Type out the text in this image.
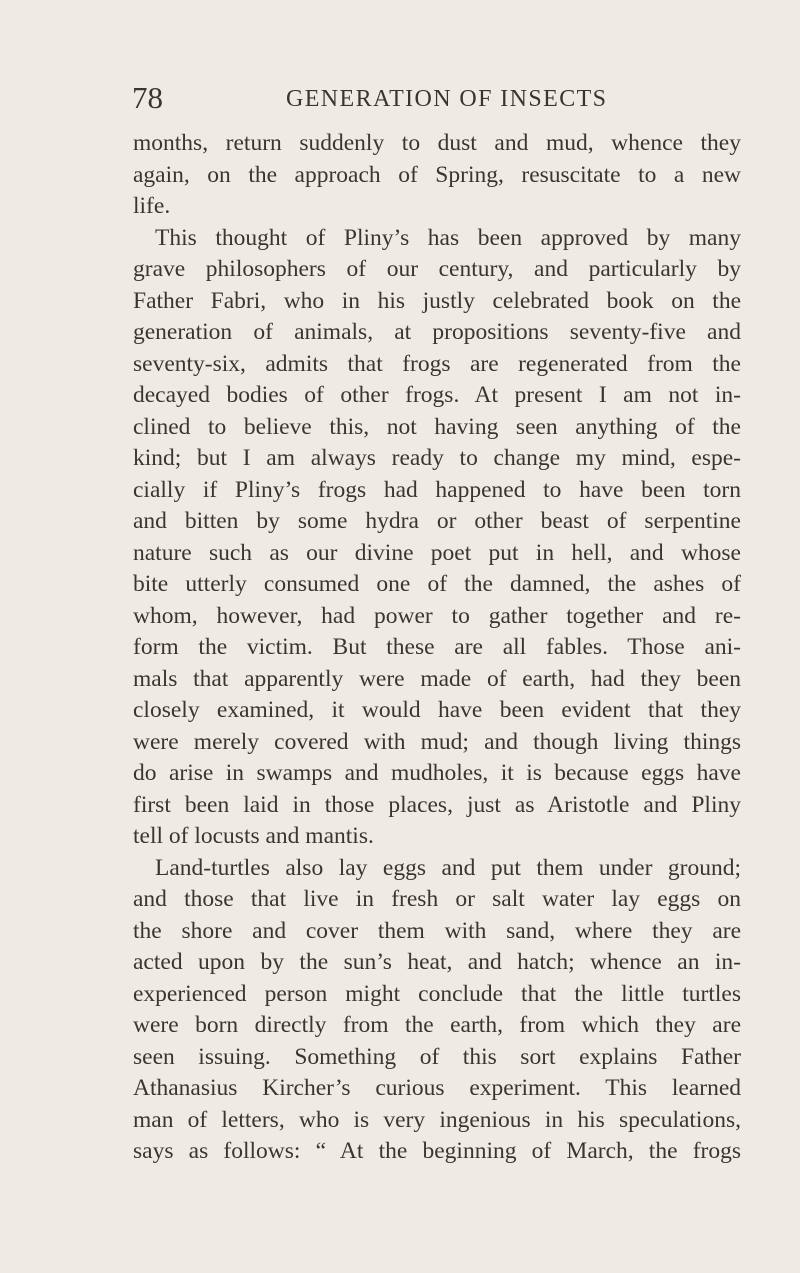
78	GENERATION OF INSECTS
months, return suddenly to dust and mud, whence they
again, on the approach of Spring, resuscitate to a new
life.
This thought of Pliny’s has been approved by many
grave philosophers of our century, and particularly by
Father Fabri, who in his justly celebrated book on the
generation of animals, at propositions seventy-five and
seventy-six, admits that frogs are regenerated from the
decayed bodies of other frogs. At present I am not in-
clined to believe this, not having seen anything of the
kind; but I am always ready to change my mind, espe-
cially if Pliny’s frogs had happened to have been torn
and bitten by some hydra or other beast of serpentine
nature such as our divine poet put in hell, and whose
bite utterly consumed one of the damned, the ashes of
whom, however, had power to gather together and re-
form the victim. But these are all fables. Those ani-
mals that apparently were made of earth, had they been
closely examined, it would have been evident that they
were merely covered with mud; and though living things
do arise in swamps and mudholes, it is because eggs have
first been laid in those places, just as Aristotle and Pliny
tell of locusts and mantis.
Land-turtles also lay eggs and put them under ground;
and those that live in fresh or salt water lay eggs on
the shore and cover them with sand, where they are
acted upon by the sun’s heat, and hatch; whence an in-
experienced person might conclude that the little turtles
were born directly from the earth, from which they are
seen issuing. Something of this sort explains Father
Athanasius Kircher’s curious experiment. This learned
man of letters, who is very ingenious in his speculations,
says as follows: “ At the beginning of March, the frogs
